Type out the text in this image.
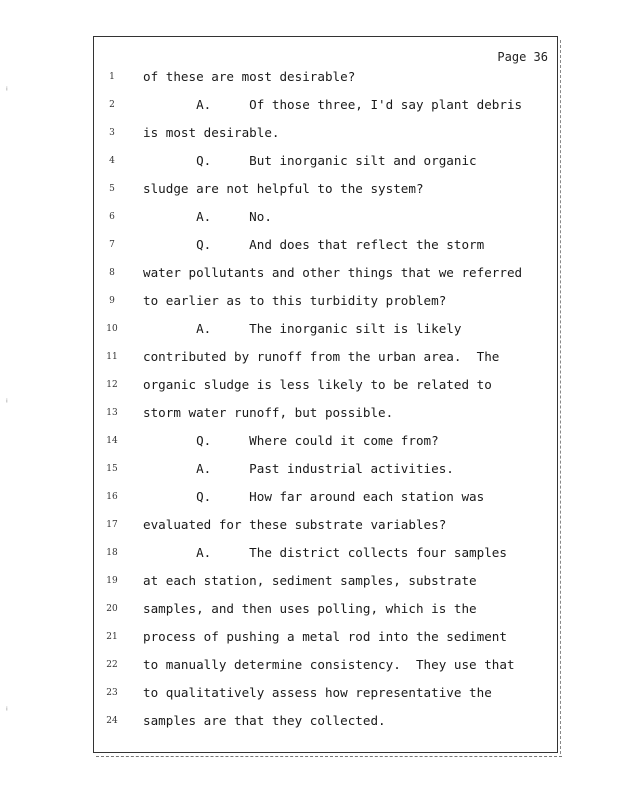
ⁱ
ⁱ
ⁱ
Page 36
1	of these are most desirable?
2	A.     Of those three, I'd say plant debris
3	is most desirable.
4	Q.     But inorganic silt and organic
5	sludge are not helpful to the system?
6	A.     No.
7	Q.     And does that reflect the storm
8	water pollutants and other things that we referred
9	to earlier as to this turbidity problem?
10	A.     The inorganic silt is likely
11	contributed by runoff from the urban area.  The
12	organic sludge is less likely to be related to
13	storm water runoff, but possible.
14	Q.     Where could it come from?
15	A.     Past industrial activities.
16	Q.     How far around each station was
17	evaluated for these substrate variables?
18	A.     The district collects four samples
19	at each station, sediment samples, substrate
20	samples, and then uses polling, which is the
21	process of pushing a metal rod into the sediment
22	to manually determine consistency.  They use that
23	to qualitatively assess how representative the
24	samples are that they collected.
